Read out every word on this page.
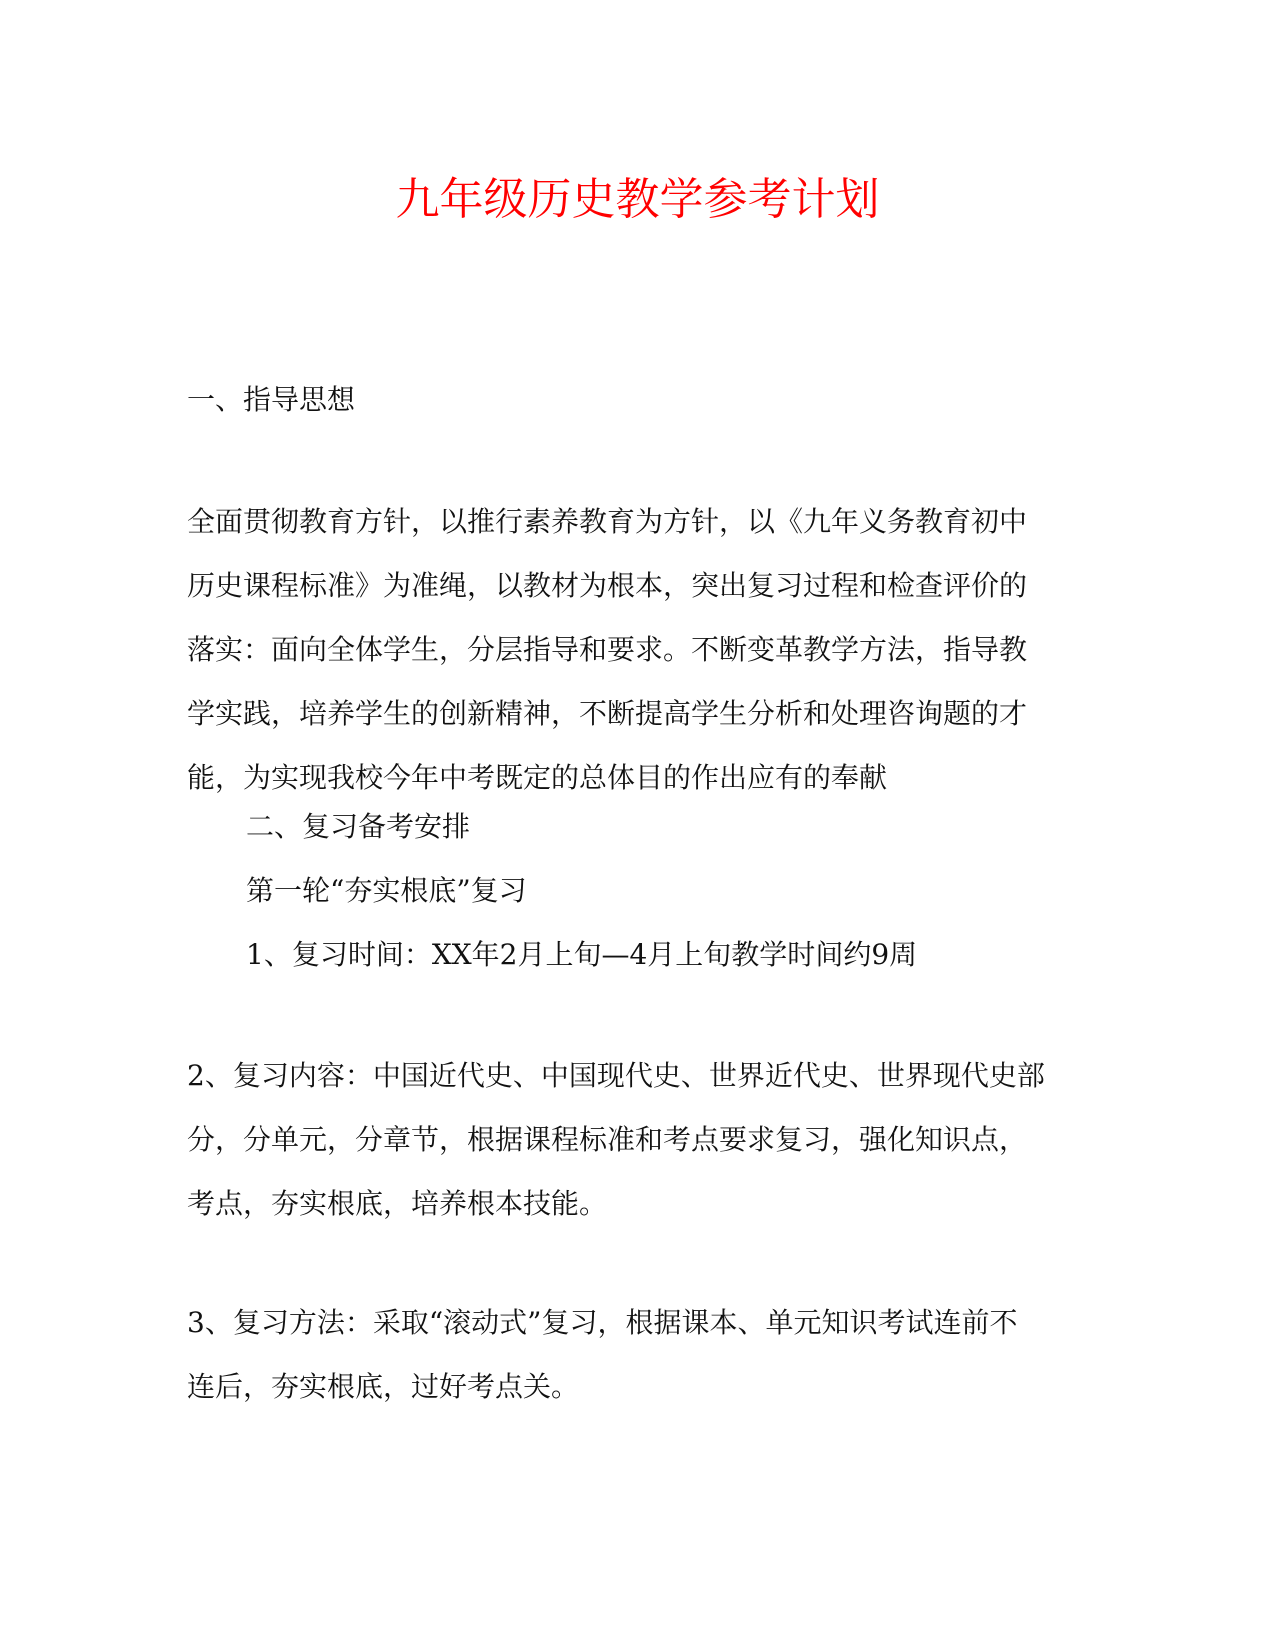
九年级历史教学参考计划
一、指导思想
全面贯彻教育方针，以推行素养教育为方针，以《九年义务教育初中
历史课程标准》为准绳，以教材为根本，突出复习过程和检查评价的
落实：面向全体学生，分层指导和要求。不断变革教学方法，指导教
学实践，培养学生的创新精神，不断提高学生分析和处理咨询题的才
能，为实现我校今年中考既定的总体目的作出应有的奉献
二、复习备考安排
第一轮“夯实根底”复习
1、复习时间：XX年2月上旬—4月上旬教学时间约9周
2、复习内容：中国近代史、中国现代史、世界近代史、世界现代史部
分，分单元，分章节，根据课程标准和考点要求复习，强化知识点，
考点，夯实根底，培养根本技能。
3、复习方法：采取“滚动式”复习，根据课本、单元知识考试连前不
连后，夯实根底，过好考点关。
